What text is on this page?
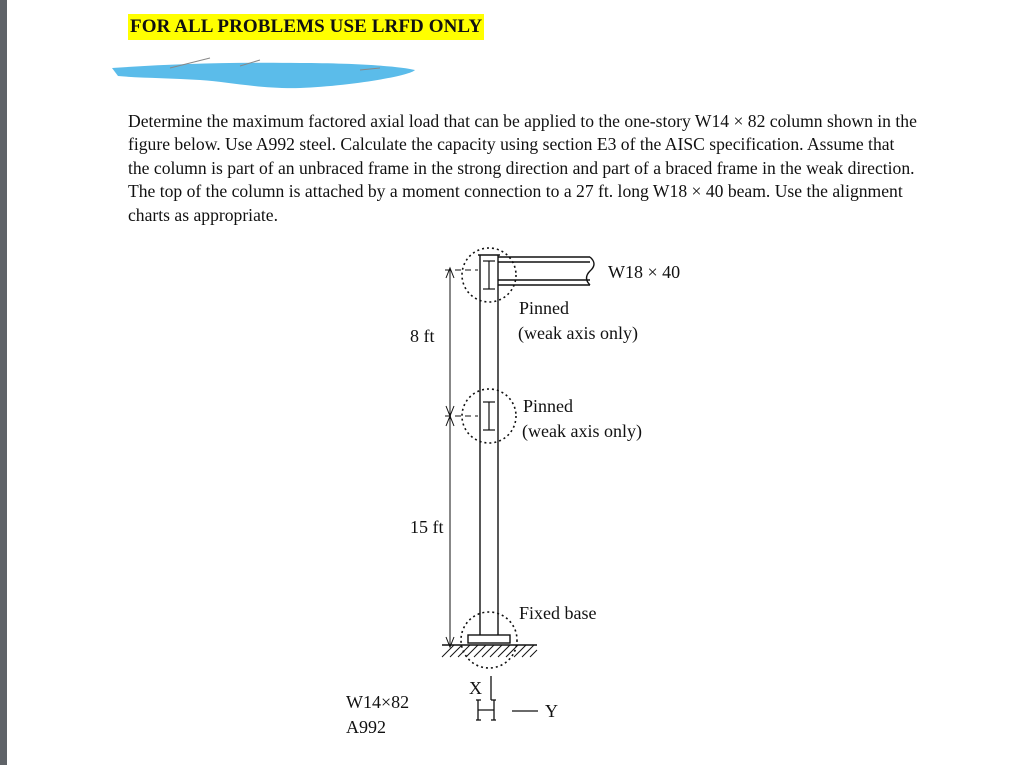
FOR ALL PROBLEMS USE LRFD ONLY

Determine the maximum factored axial load that can be applied to the one-story W14 × 82 column shown in the figure below. Use A992 steel. Calculate the capacity using section E3 of the AISC specification. Assume that the column is part of an unbraced frame in the strong direction and part of a braced frame in the weak direction. The top of the column is attached by a moment connection to a 27 ft. long W18 × 40 beam. Use the alignment charts as appropriate.

W18 × 40
Pinned
(weak axis only)
8 ft
Pinned
(weak axis only)
15 ft
Fixed base
X
Y
W14×82
A992
